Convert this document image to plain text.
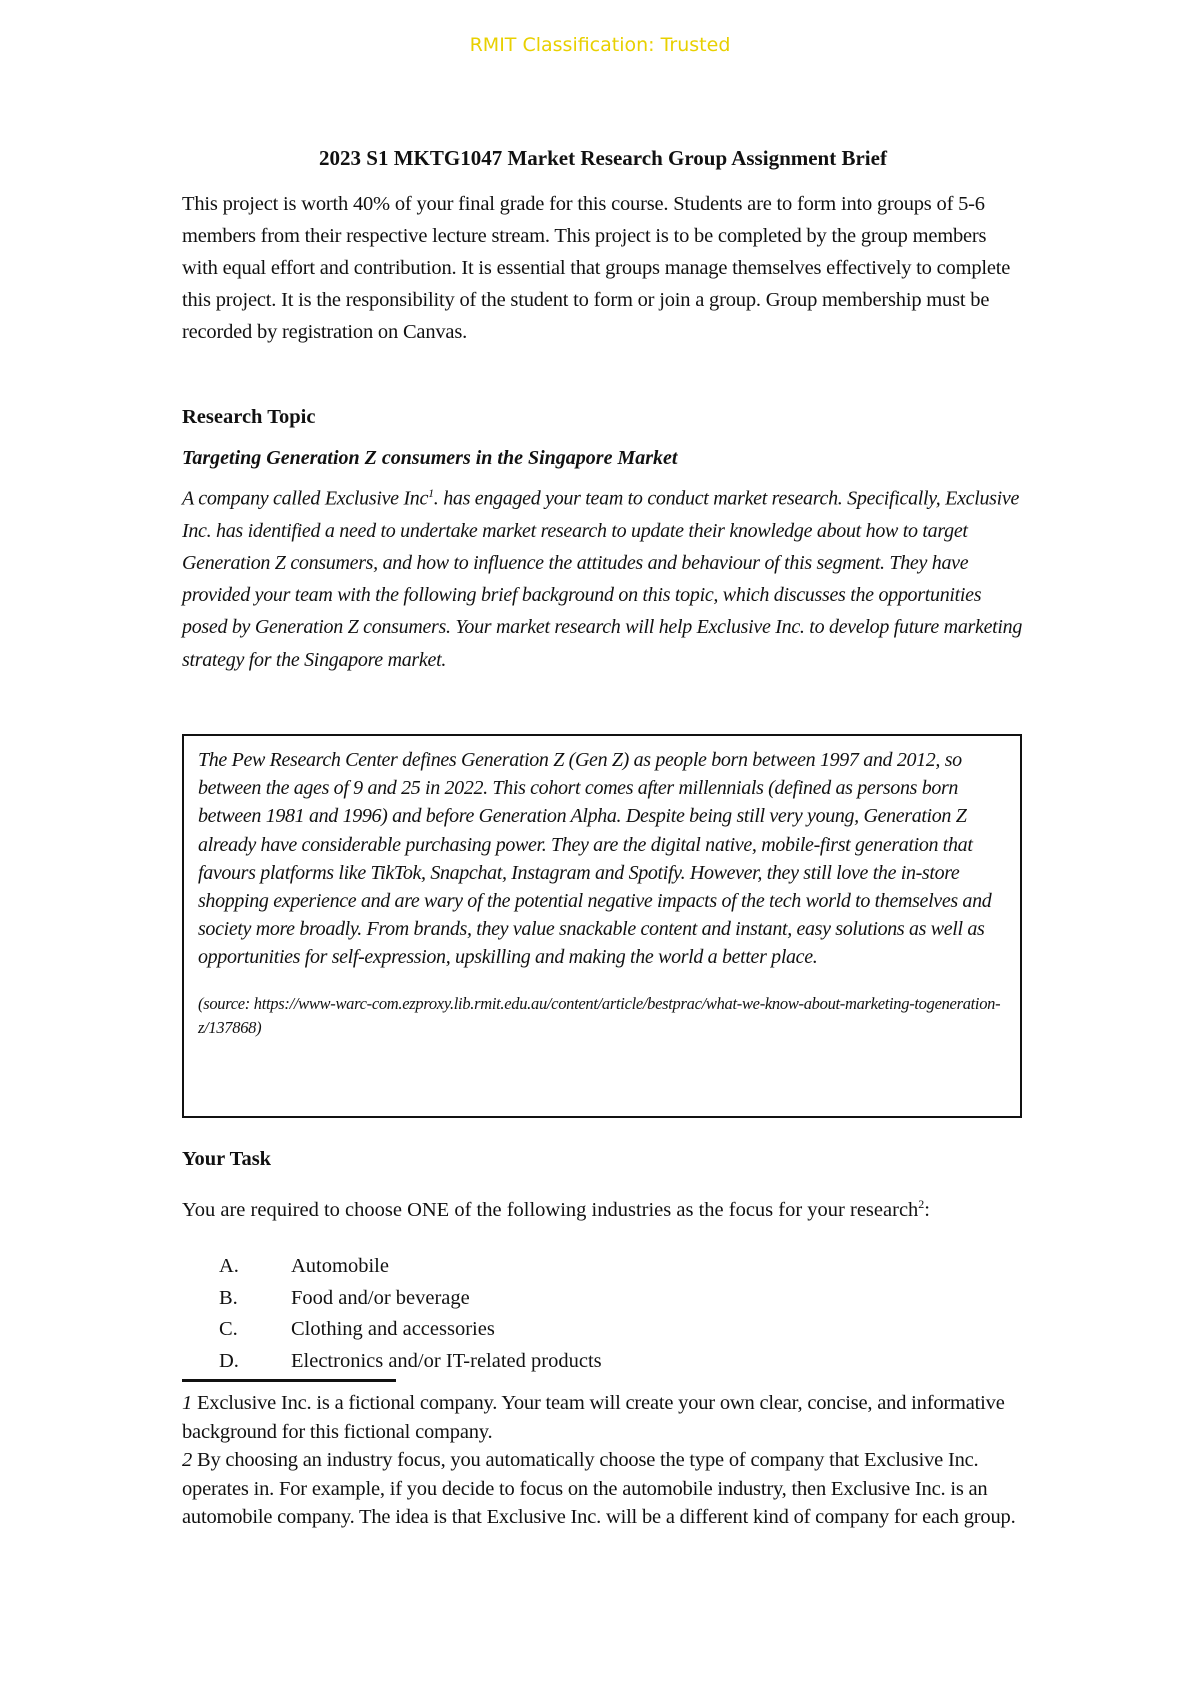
RMIT Classification: Trusted
2023 S1 MKTG1047 Market Research Group Assignment Brief

This project is worth 40% of your final grade for this course. Students are to form into groups of 5-6 members from their respective lecture stream. This project is to be completed by the group members with equal effort and contribution. It is essential that groups manage themselves effectively to complete this project. It is the responsibility of the student to form or join a group. Group membership must be recorded by registration on Canvas.

Research Topic
Targeting Generation Z consumers in the Singapore Market
A company called Exclusive Inc$^1$. has engaged your team to conduct market research. Specifically, Exclusive Inc. has identified a need to undertake market research to update their knowledge about how to target Generation Z consumers, and how to influence the attitudes and behaviour of this segment. They have provided your team with the following brief background on this topic, which discusses the opportunities posed by Generation Z consumers. Your market research will help Exclusive Inc. to develop future marketing strategy for the Singapore market.

The Pew Research Center defines Generation Z (Gen Z) as people born between 1997 and 2012, so between the ages of 9 and 25 in 2022. This cohort comes after millennials (defined as persons born between 1981 and 1996) and before Generation Alpha. Despite being still very young, Generation Z already have considerable purchasing power. They are the digital native, mobile-first generation that favours platforms like TikTok, Snapchat, Instagram and Spotify. However, they still love the in-store shopping experience and are wary of the potential negative impacts of the tech world to themselves and society more broadly. From brands, they value snackable content and instant, easy solutions as well as opportunities for self-expression, upskilling and making the world a better place.

(source: https://www-warc-com.ezproxy.lib.rmit.edu.au/content/article/bestprac/what-we-know-about-marketing-togeneration-z/137868)

Your Task
You are required to choose ONE of the following industries as the focus for your research$^2$:
A.	Automobile
B.	Food and/or beverage
C.	Clothing and accessories
D.	Electronics and/or IT-related products

1 Exclusive Inc. is a fictional company. Your team will create your own clear, concise, and informative background for this fictional company.

2 By choosing an industry focus, you automatically choose the type of company that Exclusive Inc. operates in. For example, if you decide to focus on the automobile industry, then Exclusive Inc. is an automobile company. The idea is that Exclusive Inc. will be a different kind of company for each group.
